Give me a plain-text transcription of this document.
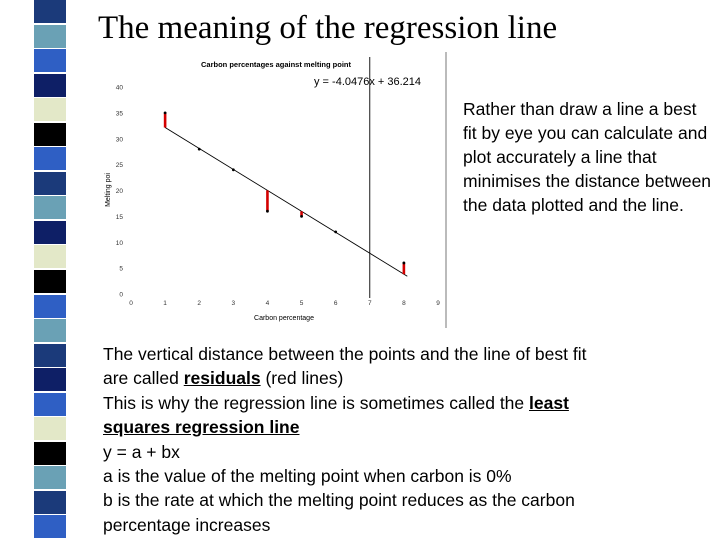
The meaning of the regression line
Carbon percentages against melting point
y = -4.0476x + 36.214
Carbon percentage
Melting poi
0
5
10
15
20
25
30
35
40
0	1	2	3	4	5	6	7	8	9
Rather than draw a line a best fit by eye you can calculate and plot accurately a line that minimises the distance between the data plotted and the line.
The vertical distance between the points and the line of best fit
are called residuals (red lines)
This is why the regression line is sometimes called the least
squares regression line
y = a + bx
a is the value of the melting point when carbon is 0%
b is the rate at which the melting point reduces as the carbon
percentage increases
